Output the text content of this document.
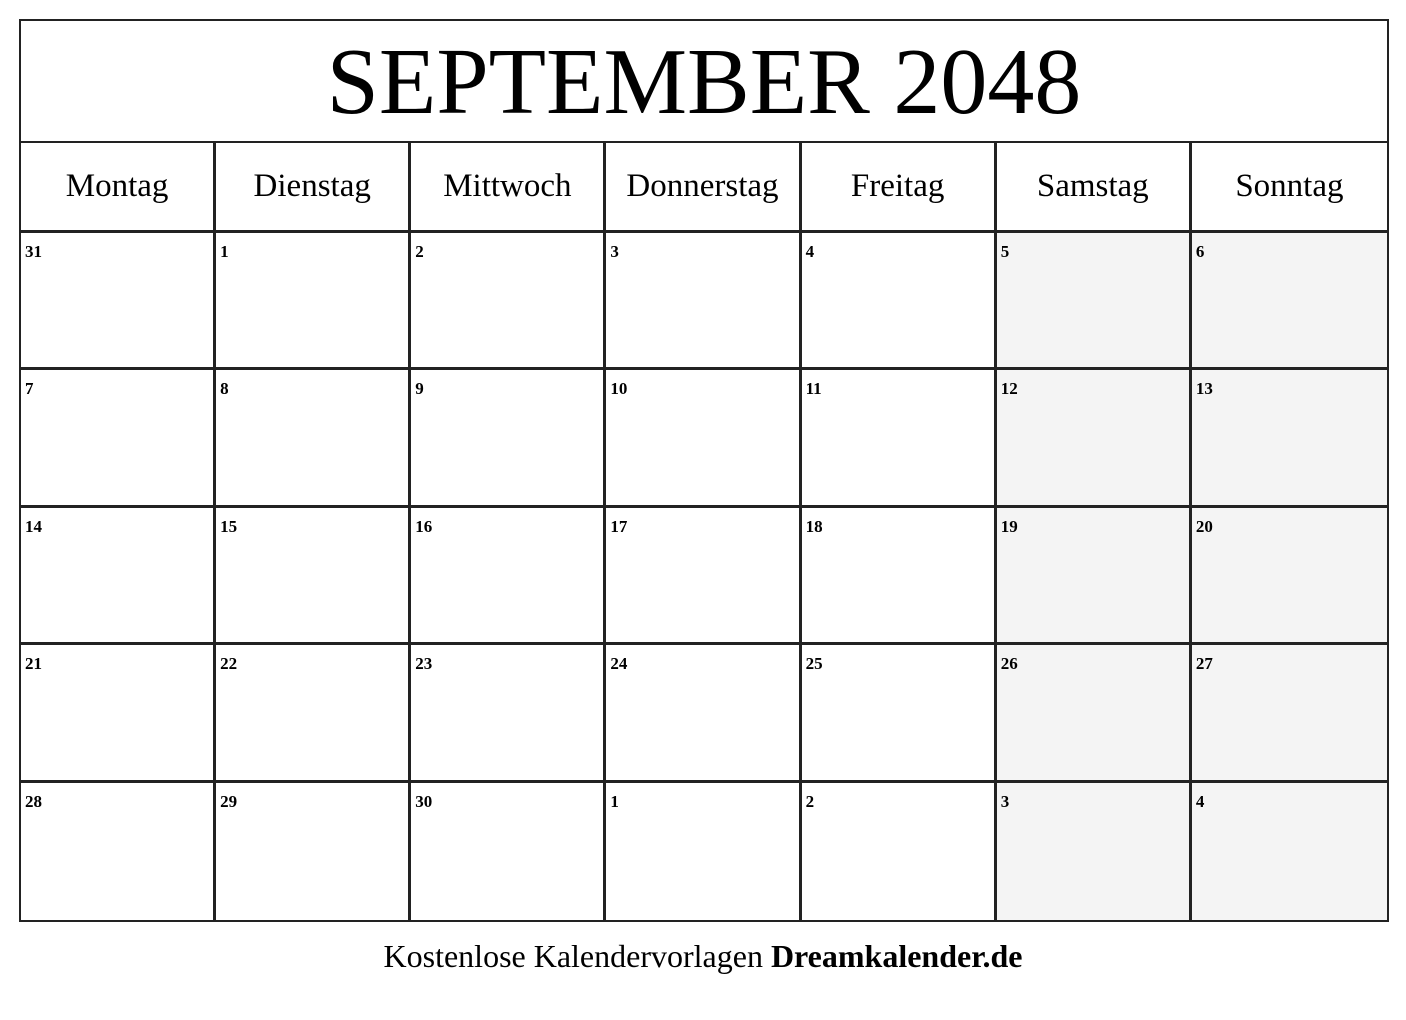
SEPTEMBER 2048
Montag	Dienstag	Mittwoch	Donnerstag	Freitag	Samstag	Sonntag
31	1	2	3	4	5	6
7	8	9	10	11	12	13
14	15	16	17	18	19	20
21	22	23	24	25	26	27
28	29	30	1	2	3	4
Kostenlose Kalendervorlagen Dreamkalender.de
